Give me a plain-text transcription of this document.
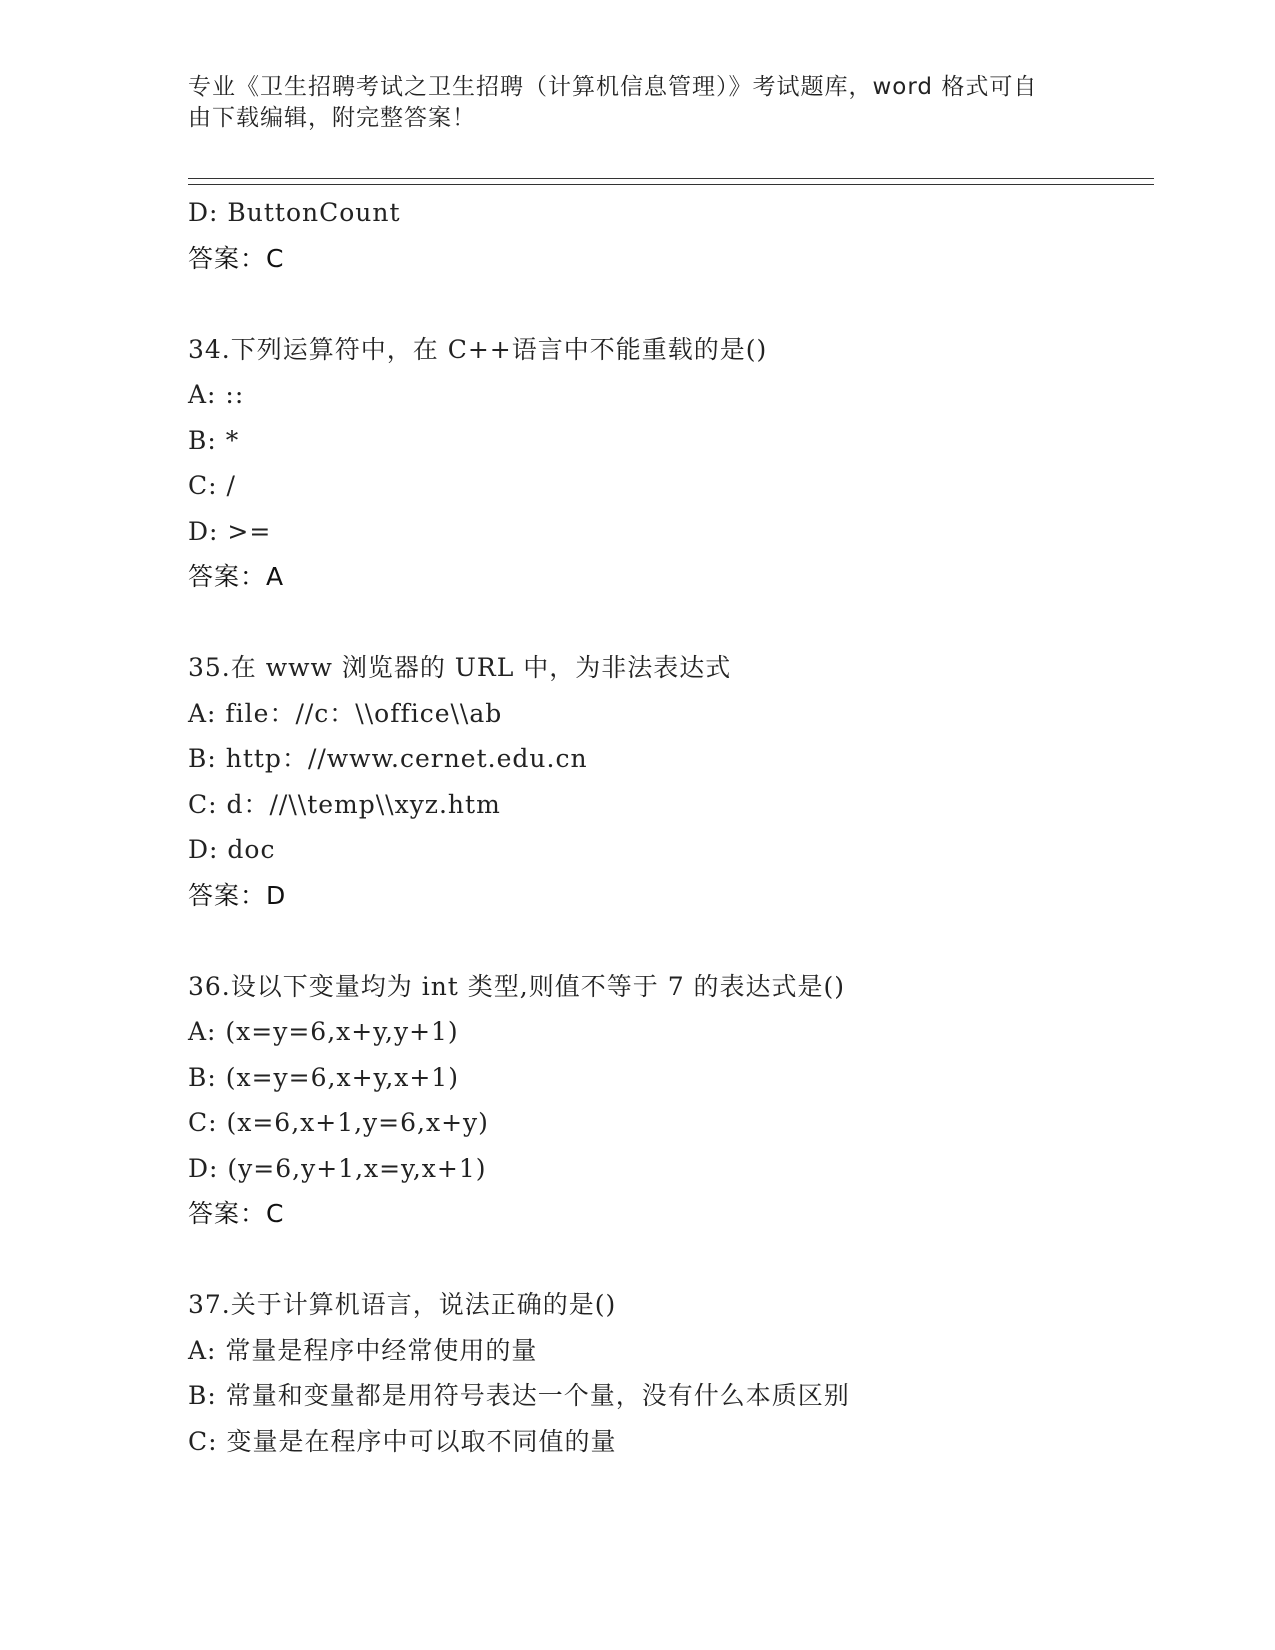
专业《卫生招聘考试之卫生招聘（计算机信息管理）》考试题库，word 格式可自
由下载编辑，附完整答案！
D: ButtonCount
答案：C
34.下列运算符中，在 C++语言中不能重载的是()
A: ::
B: *
C: /
D: >=
答案：A
35.在 www 浏览器的 URL 中，为非法表达式
A: file：//c：\\office\\ab
B: http：//www.cernet.edu.cn
C: d：//\\temp\\xyz.htm
D: doc
答案：D
36.设以下变量均为 int 类型,则值不等于 7 的表达式是()
A: (x=y=6,x+y,y+1)
B: (x=y=6,x+y,x+1)
C: (x=6,x+1,y=6,x+y)
D: (y=6,y+1,x=y,x+1)
答案：C
37.关于计算机语言，说法正确的是()
A: 常量是程序中经常使用的量
B: 常量和变量都是用符号表达一个量，没有什么本质区别
C: 变量是在程序中可以取不同值的量
